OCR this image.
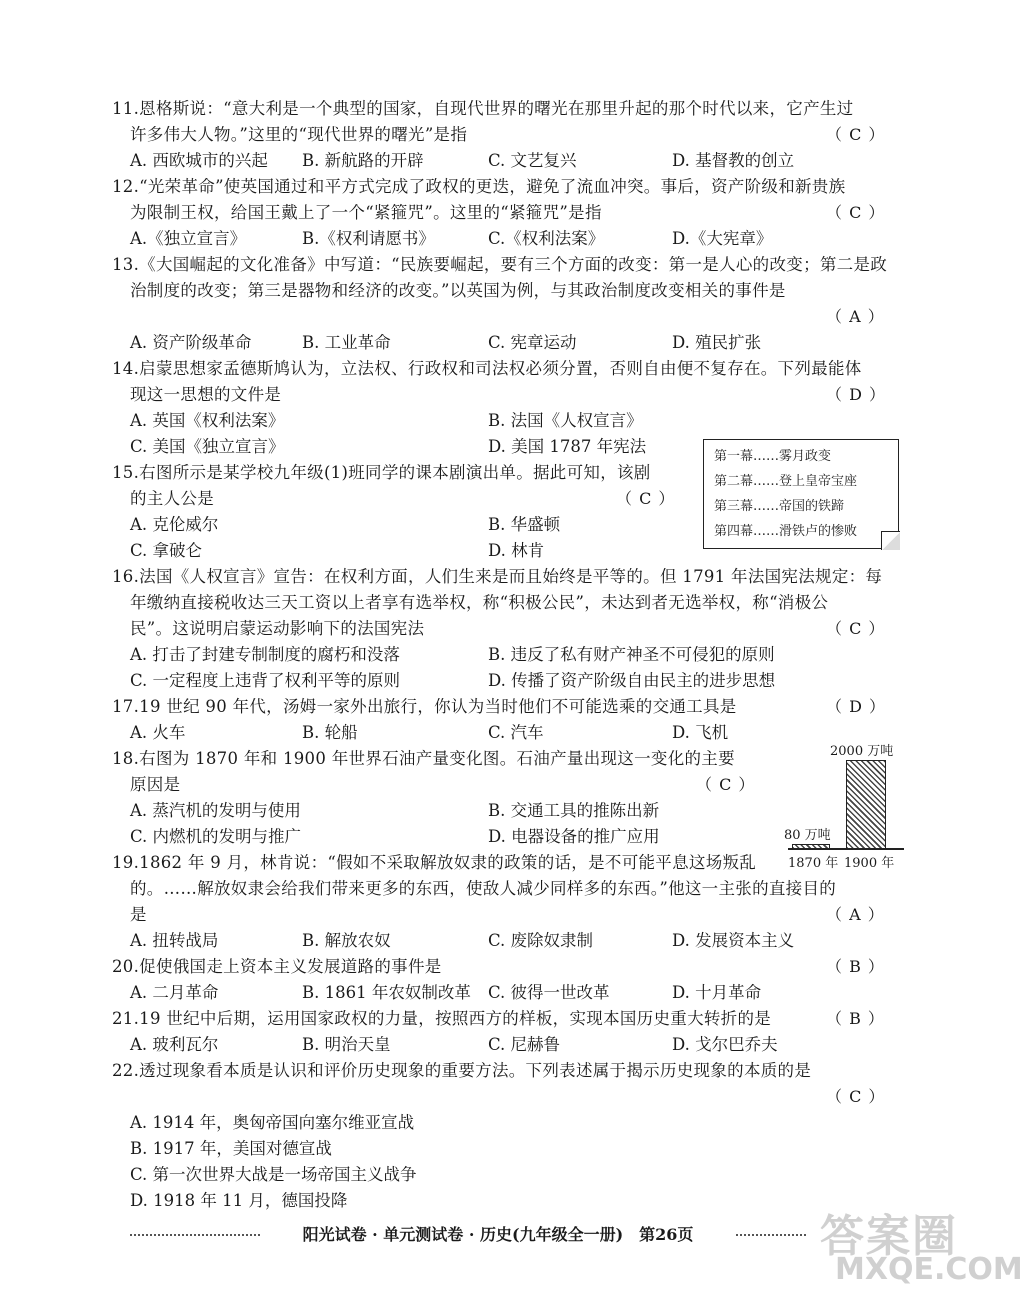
11.恩格斯说：“意大利是一个典型的国家，自现代世界的曙光在那里升起的那个时代以来，它产生过
许多伟大人物。”这里的“现代世界的曙光”是指	（ C ）
A. 西欧城市的兴起 B. 新航路的开辟	C. 文艺复兴	D. 基督教的创立
12.“光荣革命”使英国通过和平方式完成了政权的更迭，避免了流血冲突。事后，资产阶级和新贵族
为限制王权，给国王戴上了一个“紧箍咒”。这里的“紧箍咒”是指	（ C ）
A.《独立宣言》	B.《权利请愿书》	C.《权利法案》	D.《大宪章》
13.《大国崛起的文化准备》中写道：“民族要崛起，要有三个方面的改变：第一是人心的改变；第二是政
治制度的改变；第三是器物和经济的改变。”以英国为例，与其政治制度改变相关的事件是
（ A ）
A. 资产阶级革命	B. 工业革命	C. 宪章运动	D. 殖民扩张
14.启蒙思想家孟德斯鸠认为，立法权、行政权和司法权必须分置，否则自由便不复存在。下列最能体
现这一思想的文件是	（ D ）
A. 英国《权利法案》	B. 法国《人权宣言》
C. 美国《独立宣言》	D. 美国 1787 年宪法
第一幕……雾月政变
第二幕……登上皇帝宝座
第三幕……帝国的铁蹄
第四幕……滑铁卢的惨败
15.右图所示是某学校九年级(1)班同学的课本剧演出单。据此可知，该剧
的主人公是	（ C ）
A. 克伦威尔	B. 华盛顿
C. 拿破仑	D. 林肯
16.法国《人权宣言》宣告：在权利方面，人们生来是而且始终是平等的。但 1791 年法国宪法规定：每
年缴纳直接税收达三天工资以上者享有选举权，称“积极公民”，未达到者无选举权，称“消极公
民”。这说明启蒙运动影响下的法国宪法	（ C ）
A. 打击了封建专制制度的腐朽和没落	B. 违反了私有财产神圣不可侵犯的原则
C. 一定程度上违背了权利平等的原则	D. 传播了资产阶级自由民主的进步思想
17.19 世纪 90 年代，汤姆一家外出旅行，你认为当时他们不可能选乘的交通工具是	（ D ）
A. 火车	B. 轮船	C. 汽车	D. 飞机
2000 万吨
80 万吨
1870 年 1900 年
18.右图为 1870 年和 1900 年世界石油产量变化图。石油产量出现这一变化的主要
原因是	（ C ）
A. 蒸汽机的发明与使用	B. 交通工具的推陈出新
C. 内燃机的发明与推广	D. 电器设备的推广应用
19.1862 年 9 月，林肯说：“假如不采取解放奴隶的政策的话，是不可能平息这场叛乱
的。……解放奴隶会给我们带来更多的东西，使敌人减少同样多的东西。”他这一主张的直接目的
是	（ A ）
A. 扭转战局	B. 解放农奴	C. 废除奴隶制	D. 发展资本主义
20.促使俄国走上资本主义发展道路的事件是	（ B ）
A. 二月革命	B. 1861 年农奴制改革 C. 彼得一世改革	D. 十月革命
21.19 世纪中后期，运用国家政权的力量，按照西方的样板，实现本国历史重大转折的是	（ B ）
A. 玻利瓦尔	B. 明治天皇	C. 尼赫鲁	D. 戈尔巴乔夫
22.透过现象看本质是认识和评价历史现象的重要方法。下列表述属于揭示历史现象的本质的是
（ C ）
A. 1914 年，奥匈帝国向塞尔维亚宣战
B. 1917 年，美国对德宣战
C. 第一次世界大战是一场帝国主义战争
D. 1918 年 11 月，德国投降
阳光试卷 · 单元测试卷 · 历史(九年级全一册)　第26页	答案圈
MXQE.COM
